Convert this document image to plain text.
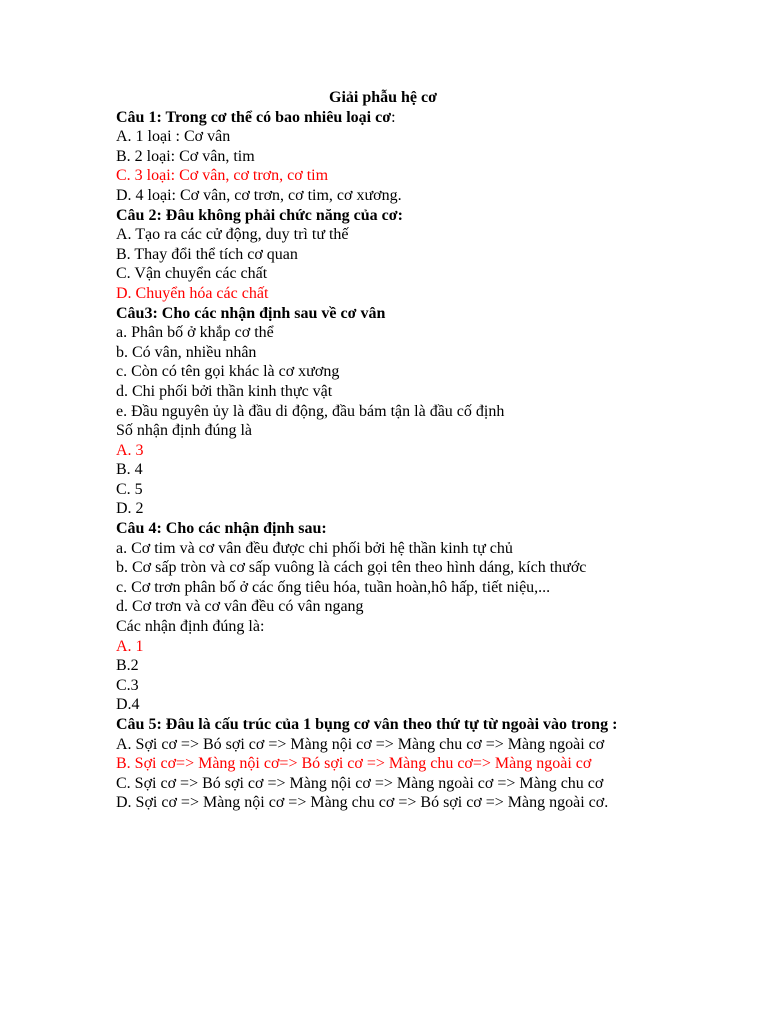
Giải phẫu hệ cơ
Câu 1: Trong cơ thể có bao nhiêu loại cơ:
A. 1 loại : Cơ vân
B. 2 loại: Cơ vân, tim
C. 3 loại: Cơ vân, cơ trơn, cơ tim
D. 4 loại: Cơ vân, cơ trơn, cơ tim, cơ xương.
Câu 2: Đâu không phải chức năng của cơ:
A. Tạo ra các cử động, duy trì tư thế
B. Thay đổi thể tích cơ quan
C. Vận chuyển các chất
D. Chuyển hóa các chất
Câu3: Cho các nhận định sau về cơ vân
a. Phân bố ở khắp cơ thể
b. Có vân, nhiều nhân
c. Còn có tên gọi khác là cơ xương
d. Chi phối bởi thần kinh thực vật
e. Đầu nguyên ủy là đầu di động, đầu bám tận là đầu cố định
Số nhận định đúng là
A. 3
B. 4
C. 5
D. 2
Câu 4: Cho các nhận định sau:
a. Cơ tim và cơ vân đều được chi phối bởi hệ thần kinh tự chủ
b. Cơ sấp tròn và cơ sấp vuông là cách gọi tên theo hình dáng, kích thước
c. Cơ trơn phân bố ở các ống tiêu hóa, tuần hoàn,hô hấp, tiết niệu,...
d. Cơ trơn và cơ vân đều có vân ngang
Các nhận định đúng là:
A. 1
B.2
C.3
D.4
Câu 5: Đâu là cấu trúc của 1 bụng cơ vân theo thứ tự từ ngoài vào trong :
A. Sợi cơ => Bó sợi cơ => Màng nội cơ => Màng chu cơ => Màng ngoài cơ
B. Sợi cơ=> Màng nội cơ=> Bó sợi cơ => Màng chu cơ=> Màng ngoài cơ
C. Sợi cơ => Bó sợi cơ => Màng nội cơ => Màng ngoài cơ => Màng chu cơ
D. Sợi cơ => Màng nội cơ => Màng chu cơ => Bó sợi cơ => Màng ngoài cơ.
